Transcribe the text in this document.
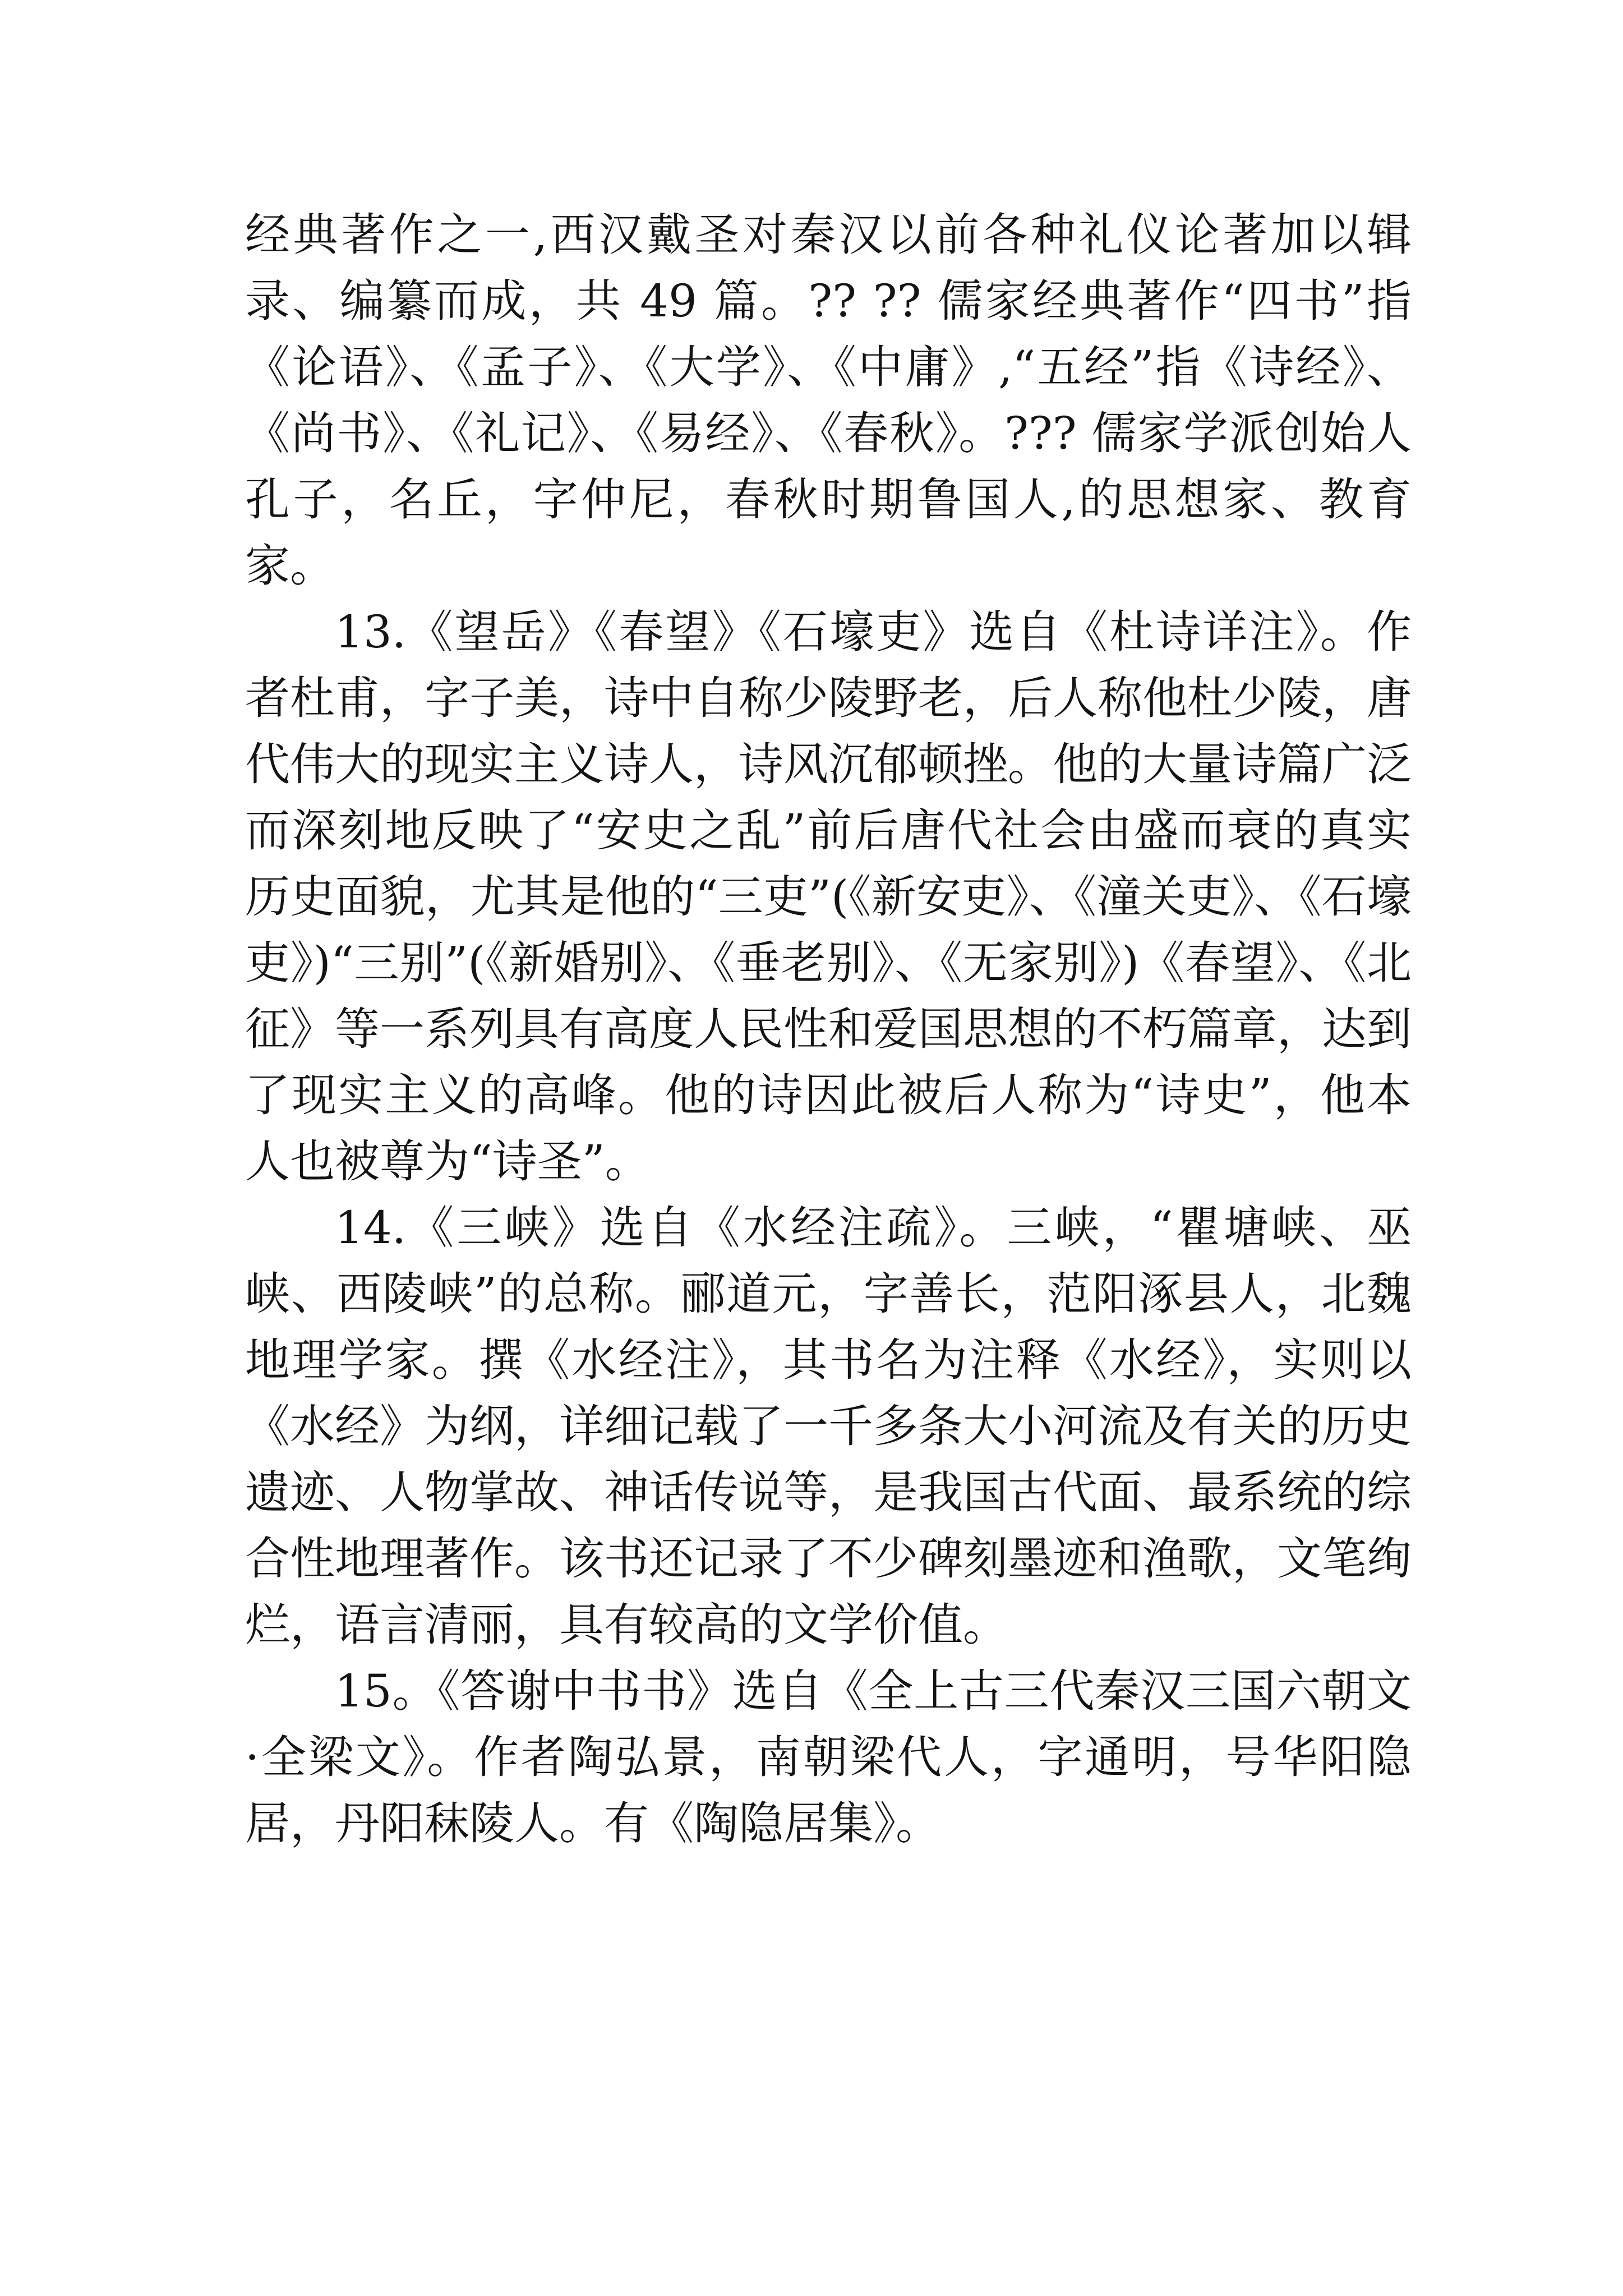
经典著作之一,西汉戴圣对秦汉以前各种礼仪论著加以辑录、编纂而成，共 49 篇。?? ?? 儒家经典著作“四书”指《论语》、《孟子》、《大学》、《中庸》,“五经”指《诗经》、《尚书》、《礼记》、《易经》、《春秋》。??? 儒家学派创始人孔子，名丘，字仲尼，春秋时期鲁国人,的思想家、教育家。

13.《望岳》《春望》《石壕吏》选自《杜诗详注》。作者杜甫，字子美，诗中自称少陵野老，后人称他杜少陵，唐代伟大的现实主义诗人，诗风沉郁顿挫。他的大量诗篇广泛而深刻地反映了“安史之乱”前后唐代社会由盛而衰的真实历史面貌，尤其是他的“三吏”(《新安吏》、《潼关吏》、《石壕吏》)“三别”(《新婚别》、《垂老别》、《无家别》)《春望》、《北征》等一系列具有高度人民性和爱国思想的不朽篇章，达到了现实主义的高峰。他的诗因此被后人称为“诗史”，他本人也被尊为“诗圣”。

14.《三峡》选自《水经注疏》。三峡，“瞿塘峡、巫峡、西陵峡”的总称。郦道元，字善长，范阳涿县人，北魏地理学家。撰《水经注》，其书名为注释《水经》，实则以《水经》为纲，详细记载了一千多条大小河流及有关的历史遗迹、人物掌故、神话传说等，是我国古代面、最系统的综合性地理著作。该书还记录了不少碑刻墨迹和渔歌，文笔绚烂，语言清丽，具有较高的文学价值。

15。《答谢中书书》选自《全上古三代秦汉三国六朝文·全梁文》。作者陶弘景，南朝梁代人，字通明，号华阳隐居，丹阳秣陵人。有《陶隐居集》。
